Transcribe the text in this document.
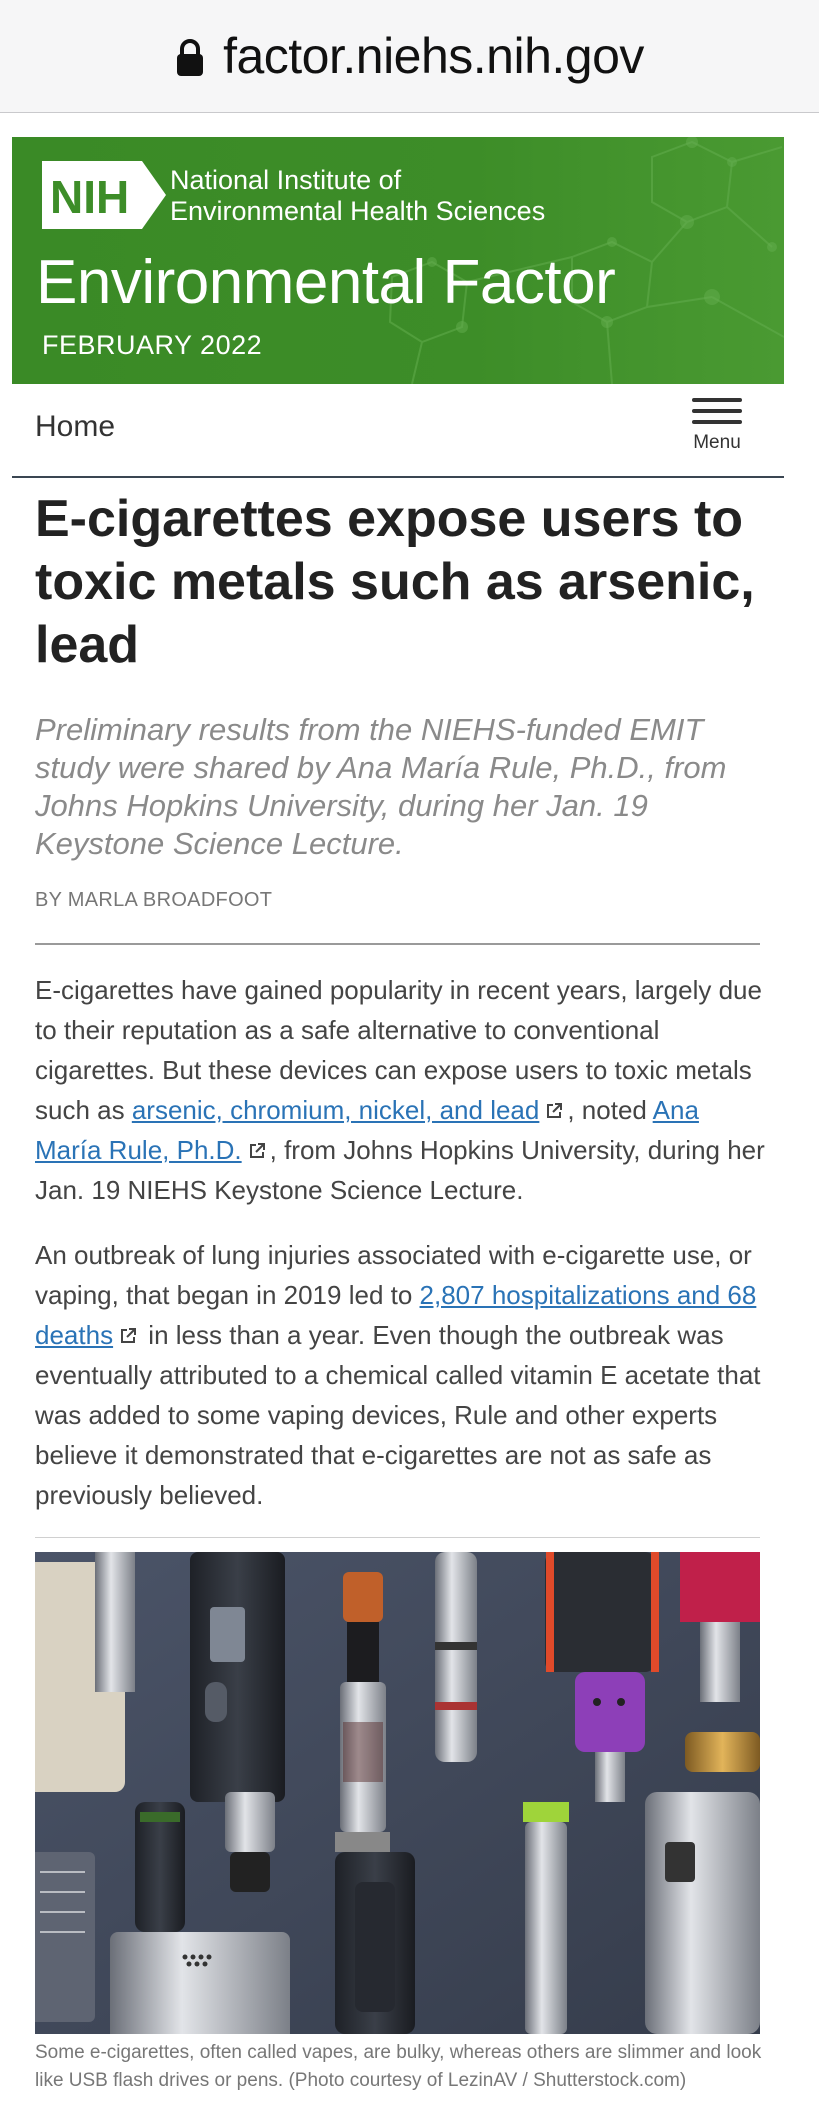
factor.niehs.nih.gov
NIH National Institute of
Environmental Health Sciences
Environmental Factor
FEBRUARY 2022
Home	Menu
E-cigarettes expose users to toxic metals such as arsenic, lead

Preliminary results from the NIEHS-funded EMIT study were shared by Ana María Rule, Ph.D., from Johns Hopkins University, during her Jan. 19 Keystone Science Lecture.

BY MARLA BROADFOOT

E-cigarettes have gained popularity in recent years, largely due to their reputation as a safe alternative to conventional cigarettes. But these devices can expose users to toxic metals such as arsenic, chromium, nickel, and lead , noted Ana María Rule, Ph.D. , from Johns Hopkins University, during her Jan. 19 NIEHS Keystone Science Lecture.

An outbreak of lung injuries associated with e-cigarette use, or vaping, that began in 2019 led to 2,807 hospitalizations and 68 deaths in less than a year. Even though the outbreak was eventually attributed to a chemical called vitamin E acetate that was added to some vaping devices, Rule and other experts believe it demonstrated that e-cigarettes are not as safe as previously believed.

Some e-cigarettes, often called vapes, are bulky, whereas others are slimmer and look like USB flash drives or pens. (Photo courtesy of LezinAV / Shutterstock.com)
